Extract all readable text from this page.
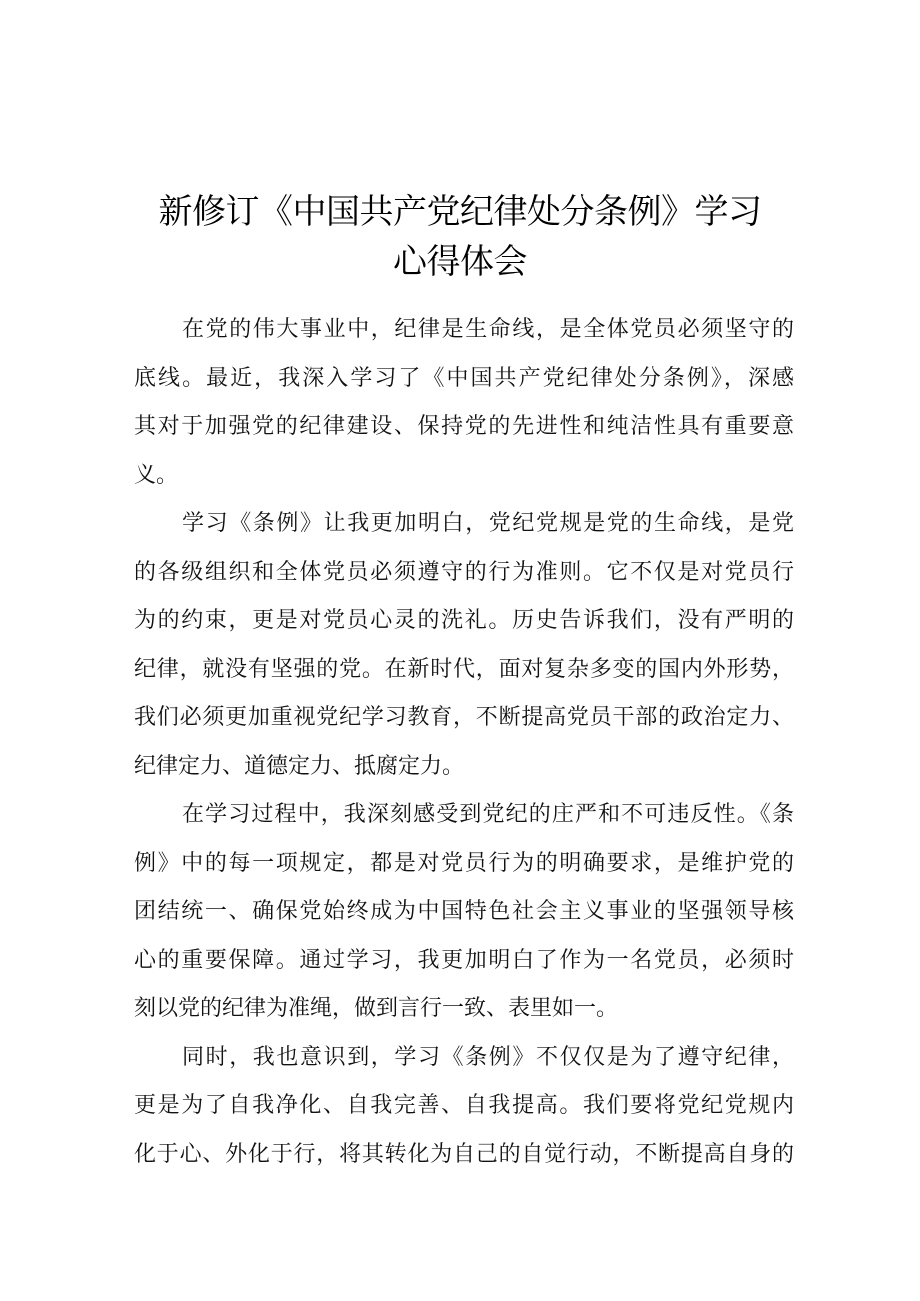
新修订《中国共产党纪律处分条例》学习
心得体会
在党的伟大事业中，纪律是生命线，是全体党员必须坚守的
底线。最近，我深入学习了《中国共产党纪律处分条例》，深感
其对于加强党的纪律建设、保持党的先进性和纯洁性具有重要意
义。
学习《条例》让我更加明白，党纪党规是党的生命线，是党
的各级组织和全体党员必须遵守的行为准则。它不仅是对党员行
为的约束，更是对党员心灵的洗礼。历史告诉我们，没有严明的
纪律，就没有坚强的党。在新时代，面对复杂多变的国内外形势，
我们必须更加重视党纪学习教育，不断提高党员干部的政治定力、
纪律定力、道德定力、抵腐定力。
在学习过程中，我深刻感受到党纪的庄严和不可违反性。《条
例》中的每一项规定，都是对党员行为的明确要求，是维护党的
团结统一、确保党始终成为中国特色社会主义事业的坚强领导核
心的重要保障。通过学习，我更加明白了作为一名党员，必须时
刻以党的纪律为准绳，做到言行一致、表里如一。
同时，我也意识到，学习《条例》不仅仅是为了遵守纪律，
更是为了自我净化、自我完善、自我提高。我们要将党纪党规内
化于心、外化于行，将其转化为自己的自觉行动，不断提高自身的
